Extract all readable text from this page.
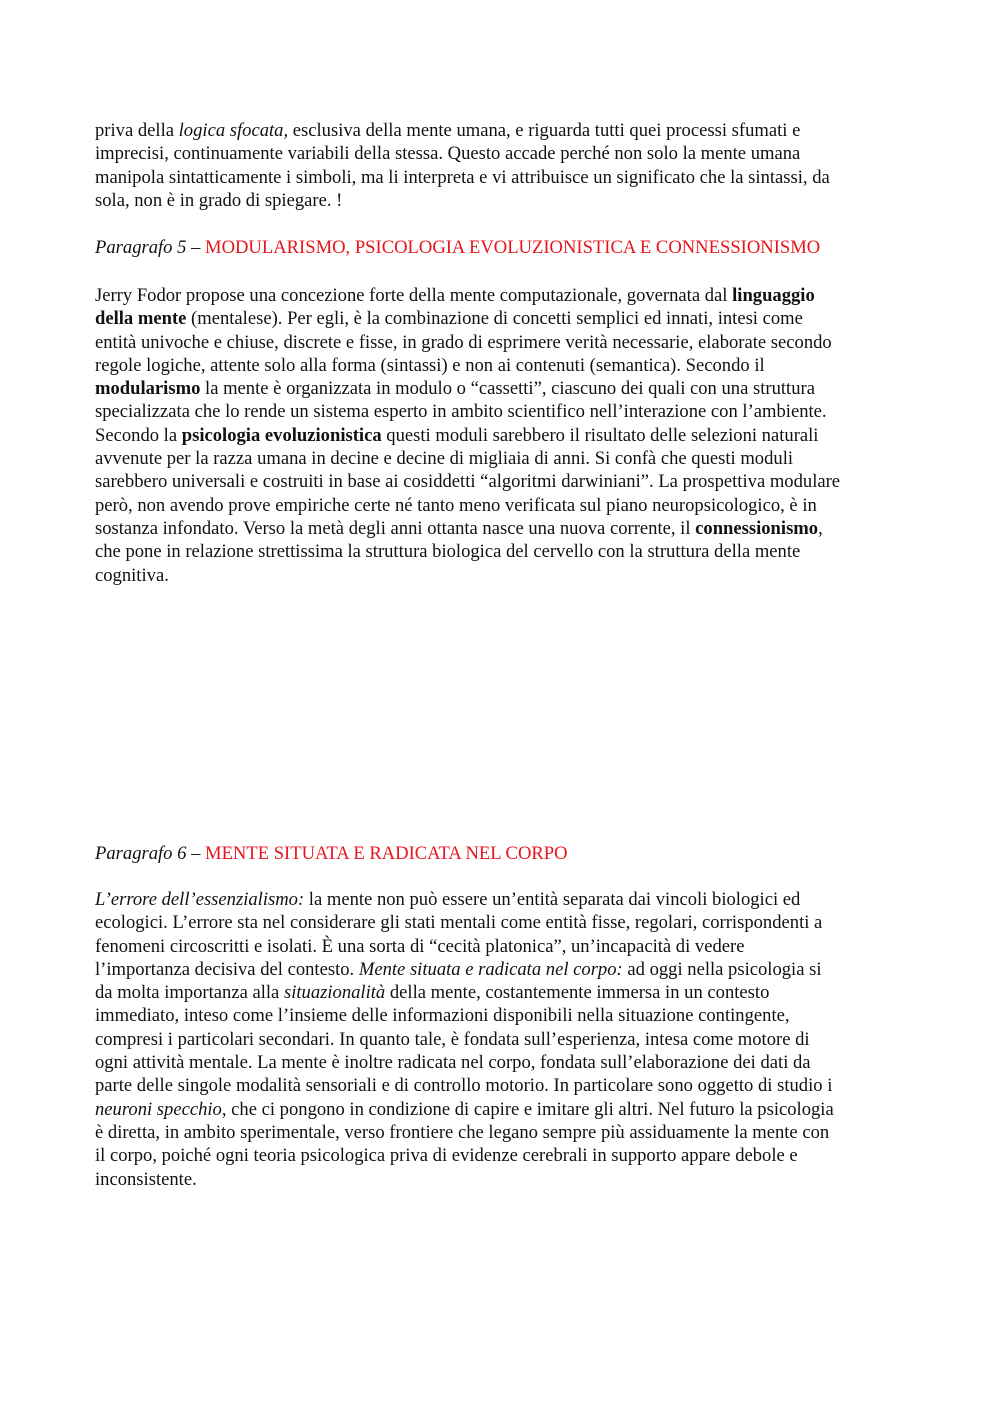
priva della logica sfocata, esclusiva della mente umana, e riguarda tutti quei processi sfumati e
imprecisi, continuamente variabili della stessa. Questo accade perché non solo la mente umana
manipola sintatticamente i simboli, ma li interpreta e vi attribuisce un significato che la sintassi, da
sola, non è in grado di spiegare. !
Paragrafo 5 – MODULARISMO, PSICOLOGIA EVOLUZIONISTICA E CONNESSIONISMO
Jerry Fodor propose una concezione forte della mente computazionale, governata dal linguaggio
della mente (mentalese). Per egli, è la combinazione di concetti semplici ed innati, intesi come
entità univoche e chiuse, discrete e fisse, in grado di esprimere verità necessarie, elaborate secondo
regole logiche, attente solo alla forma (sintassi) e non ai contenuti (semantica). Secondo il
modularismo la mente è organizzata in modulo o “cassetti”, ciascuno dei quali con una struttura
specializzata che lo rende un sistema esperto in ambito scientifico nell’interazione con l’ambiente.
Secondo la psicologia evoluzionistica questi moduli sarebbero il risultato delle selezioni naturali
avvenute per la razza umana in decine e decine di migliaia di anni. Si confà che questi moduli
sarebbero universali e costruiti in base ai cosiddetti “algoritmi darwiniani”. La prospettiva modulare
però, non avendo prove empiriche certe né tanto meno verificata sul piano neuropsicologico, è in
sostanza infondato. Verso la metà degli anni ottanta nasce una nuova corrente, il connessionismo,
che pone in relazione strettissima la struttura biologica del cervello con la struttura della mente
cognitiva.
Paragrafo 6 – MENTE SITUATA E RADICATA NEL CORPO
L’errore dell’essenzialismo: la mente non può essere un’entità separata dai vincoli biologici ed
ecologici. L’errore sta nel considerare gli stati mentali come entità fisse, regolari, corrispondenti a
fenomeni circoscritti e isolati. È una sorta di “cecità platonica”, un’incapacità di vedere
l’importanza decisiva del contesto. Mente situata e radicata nel corpo: ad oggi nella psicologia si
da molta importanza alla situazionalità della mente, costantemente immersa in un contesto
immediato, inteso come l’insieme delle informazioni disponibili nella situazione contingente,
compresi i particolari secondari. In quanto tale, è fondata sull’esperienza, intesa come motore di
ogni attività mentale. La mente è inoltre radicata nel corpo, fondata sull’elaborazione dei dati da
parte delle singole modalità sensoriali e di controllo motorio. In particolare sono oggetto di studio i
neuroni specchio, che ci pongono in condizione di capire e imitare gli altri. Nel futuro la psicologia
è diretta, in ambito sperimentale, verso frontiere che legano sempre più assiduamente la mente con
il corpo, poiché ogni teoria psicologica priva di evidenze cerebrali in supporto appare debole e
inconsistente.
